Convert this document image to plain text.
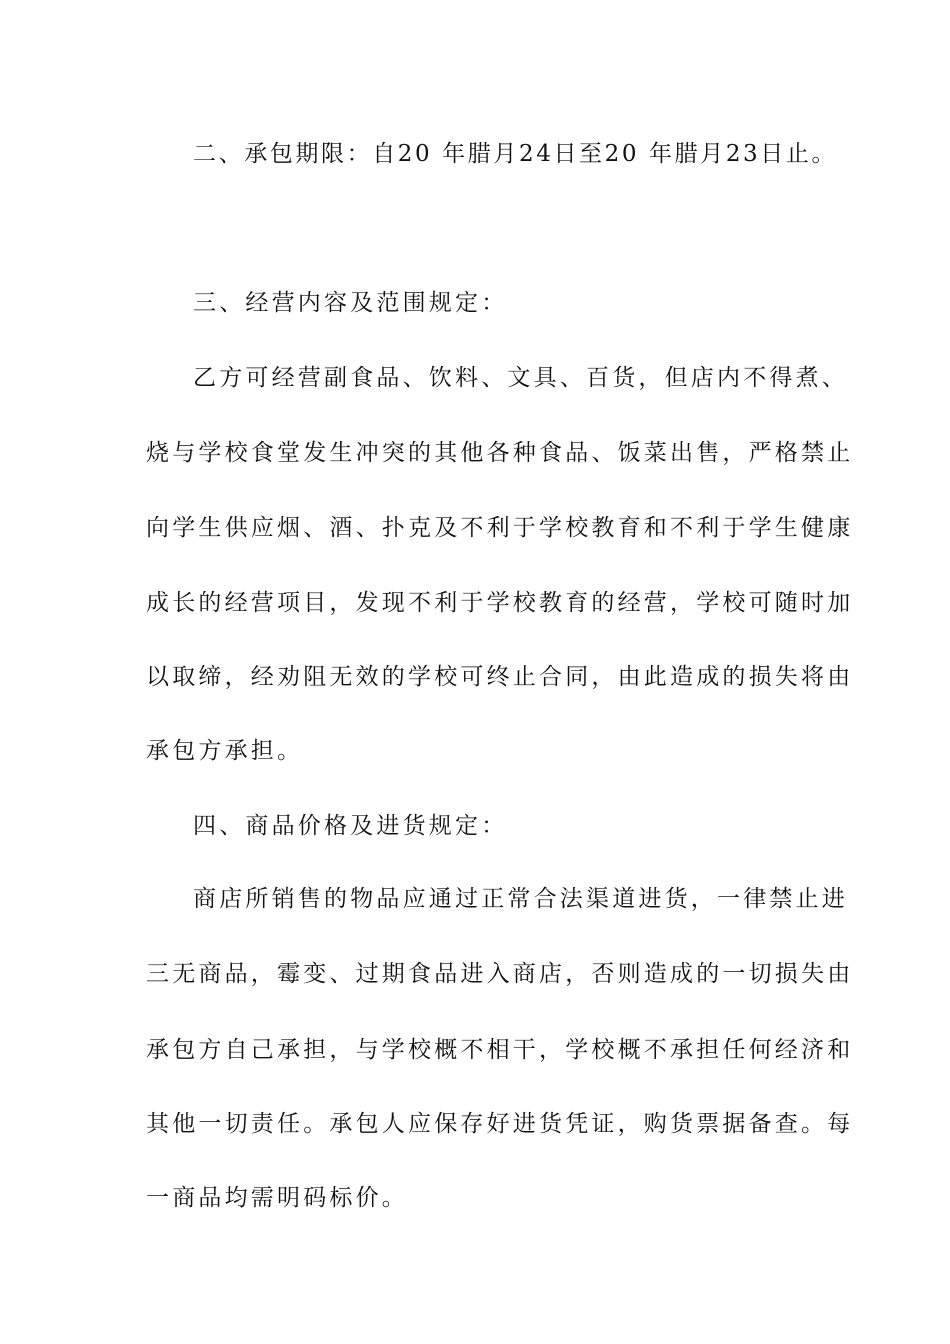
二、承包期限：自20 年腊月24日至20 年腊月23日止。
三、经营内容及范围规定：
乙方可经营副食品、饮料、文具、百货，但店内不得煮、
烧与学校食堂发生冲突的其他各种食品、饭菜出售，严格禁止
向学生供应烟、酒、扑克及不利于学校教育和不利于学生健康
成长的经营项目，发现不利于学校教育的经营，学校可随时加
以取缔，经劝阻无效的学校可终止合同，由此造成的损失将由
承包方承担。
四、商品价格及进货规定：
商店所销售的物品应通过正常合法渠道进货，一律禁止进
三无商品，霉变、过期食品进入商店，否则造成的一切损失由
承包方自己承担，与学校概不相干，学校概不承担任何经济和
其他一切责任。承包人应保存好进货凭证，购货票据备查。每
一商品均需明码标价。
